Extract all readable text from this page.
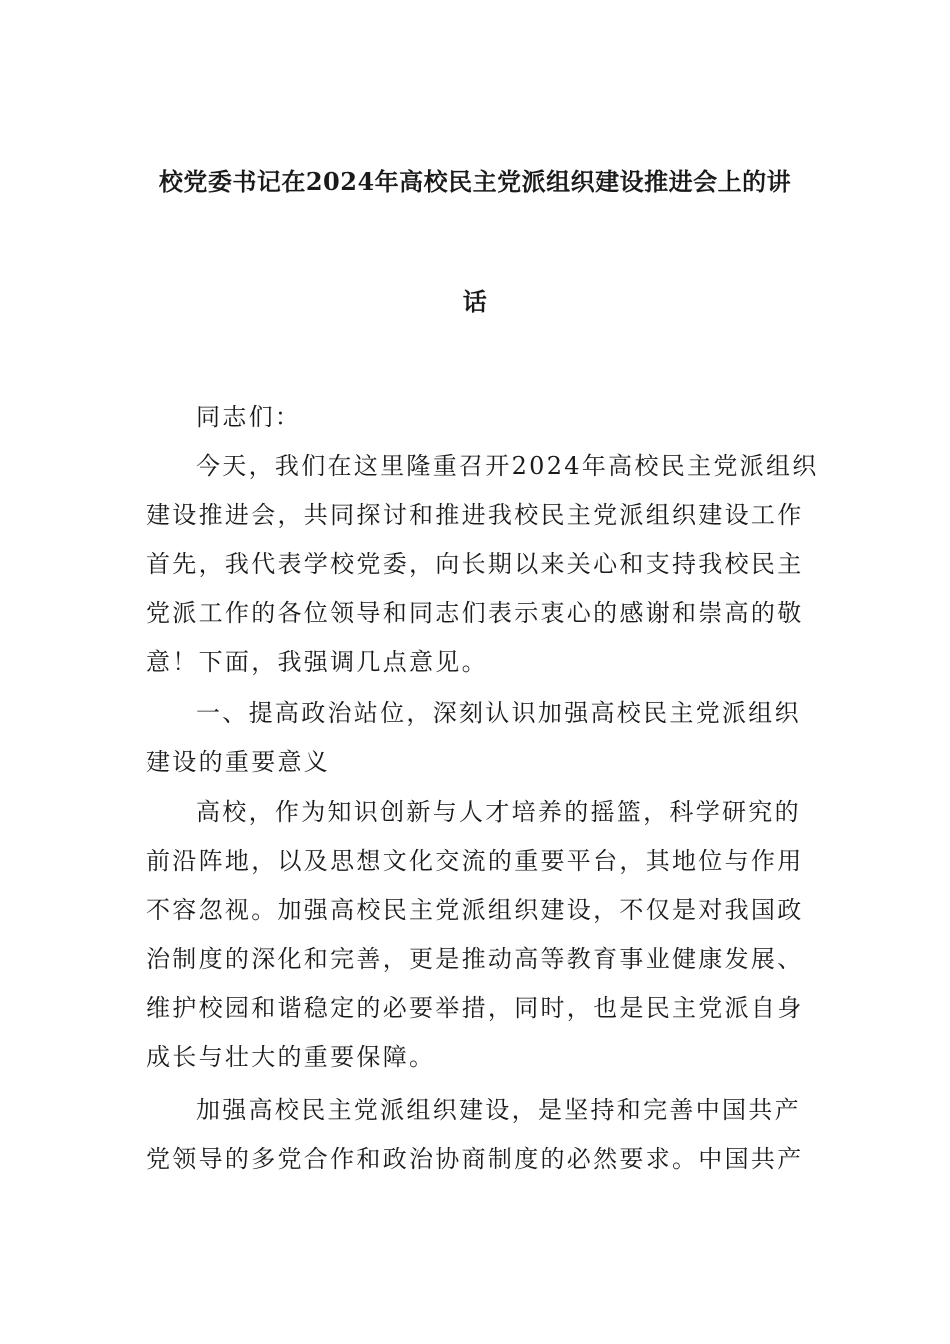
校党委书记在2024年高校民主党派组织建设推进会上的讲
话
同志们：
今天，我们在这里隆重召开2024年高校民主党派组织
建设推进会，共同探讨和推进我校民主党派组织建设工作
首先，我代表学校党委，向长期以来关心和支持我校民主
党派工作的各位领导和同志们表示衷心的感谢和崇高的敬
意！下面，我强调几点意见。
一、提高政治站位，深刻认识加强高校民主党派组织
建设的重要意义
高校，作为知识创新与人才培养的摇篮，科学研究的
前沿阵地，以及思想文化交流的重要平台，其地位与作用
不容忽视。加强高校民主党派组织建设，不仅是对我国政
治制度的深化和完善，更是推动高等教育事业健康发展、
维护校园和谐稳定的必要举措，同时，也是民主党派自身
成长与壮大的重要保障。
加强高校民主党派组织建设，是坚持和完善中国共产
党领导的多党合作和政治协商制度的必然要求。中国共产
